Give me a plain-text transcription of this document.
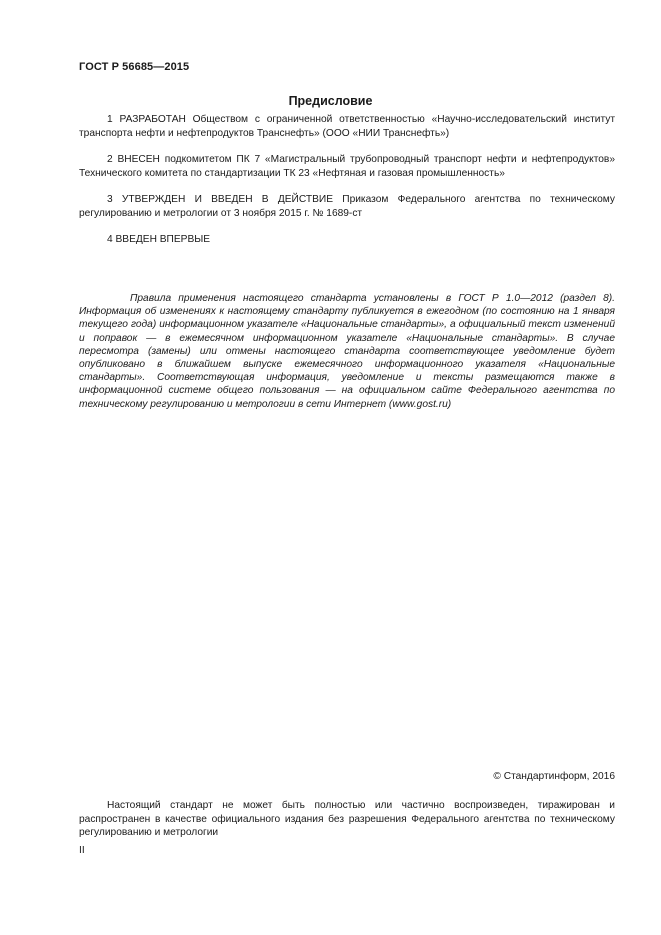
ГОСТ Р 56685—2015
Предисловие

1 РАЗРАБОТАН Обществом с ограниченной ответственностью «Научно-исследовательский институт транспорта нефти и нефтепродуктов Транснефть» (ООО «НИИ Транснефть»)

2 ВНЕСЕН подкомитетом ПК 7 «Магистральный трубопроводный транспорт нефти и нефтепродуктов» Технического комитета по стандартизации ТК 23 «Нефтяная и газовая промышленность»

3 УТВЕРЖДЕН И ВВЕДЕН В ДЕЙСТВИЕ Приказом Федерального агентства по техническому регулированию и метрологии от 3 ноября 2015 г. № 1689-ст

4 ВВЕДЕН ВПЕРВЫЕ

Правила применения настоящего стандарта установлены в ГОСТ Р 1.0—2012 (раздел 8). Информация об изменениях к настоящему стандарту публикуется в ежегодном (по состоянию на 1 января текущего года) информационном указателе «Национальные стандарты», а официальный текст изменений и поправок — в ежемесячном информационном указателе «Национальные стандарты». В случае пересмотра (замены) или отмены настоящего стандарта соответствующее уведомление будет опубликовано в ближайшем выпуске ежемесячного информационного указателя «Национальные стандарты». Соответствующая информация, уведомление и тексты размещаются также в информационной системе общего пользования — на официальном сайте Федерального агентства по техническому регулированию и метрологии в сети Интернет (www.gost.ru)

© Стандартинформ, 2016

Настоящий стандарт не может быть полностью или частично воспроизведен, тиражирован и распространен в качестве официального издания без разрешения Федерального агентства по техническому регулированию и метрологии

II
